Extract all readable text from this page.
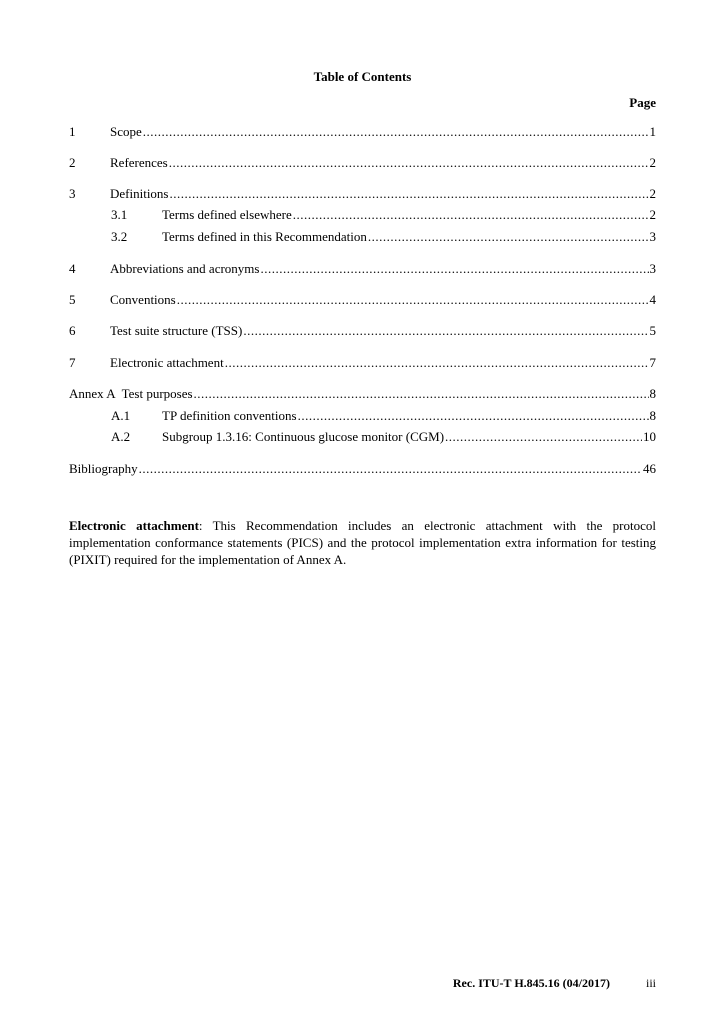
Table of Contents
Page
1	Scope .....	1
2	References .....	2
3	Definitions .....	2
3.1	Terms defined elsewhere .....	2
3.2	Terms defined in this Recommendation .....	3
4	Abbreviations and acronyms .....	3
5	Conventions .....	4
6	Test suite structure (TSS) .....	5
7	Electronic attachment .....	7
Annex A Test purposes .....	8
A.1	TP definition conventions .....	8
A.2	Subgroup 1.3.16: Continuous glucose monitor (CGM) .....	10
Bibliography .....	46
Electronic attachment: This Recommendation includes an electronic attachment with the protocol implementation conformance statements (PICS) and the protocol implementation extra information for testing (PIXIT) required for the implementation of Annex A.
Rec. ITU-T H.845.16 (04/2017)	iii
